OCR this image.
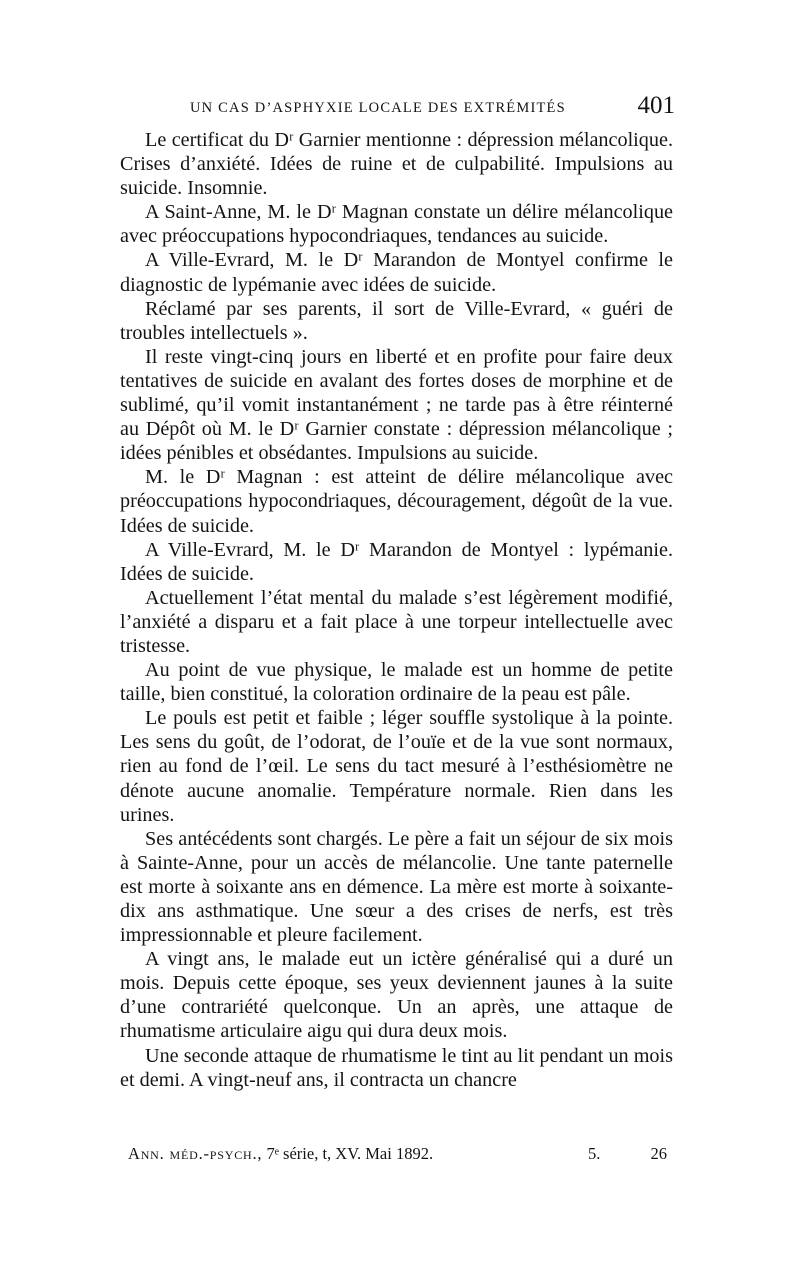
UN CAS D’ASPHYXIE LOCALE DES EXTRÉMITÉS	401

Le certificat du Dʳ Garnier mentionne : dépression mélancolique. Crises d’anxiété. Idées de ruine et de culpabilité. Impulsions au suicide. Insomnie.

A Saint-Anne, M. le Dʳ Magnan constate un délire mélancolique avec préoccupations hypocondriaques, tendances au suicide.

A Ville-Evrard, M. le Dʳ Marandon de Montyel confirme le diagnostic de lypémanie avec idées de suicide.

Réclamé par ses parents, il sort de Ville-Evrard, « guéri de troubles intellectuels ».

Il reste vingt-cinq jours en liberté et en profite pour faire deux tentatives de suicide en avalant des fortes doses de morphine et de sublimé, qu’il vomit instantanément ; ne tarde pas à être réinterné au Dépôt où M. le Dʳ Garnier constate : dépression mélancolique ; idées pénibles et obsédantes. Impulsions au suicide.

M. le Dʳ Magnan : est atteint de délire mélancolique avec préoccupations hypocondriaques, découragement, dégoût de la vue. Idées de suicide.

A Ville-Evrard, M. le Dʳ Marandon de Montyel : lypémanie. Idées de suicide.

Actuellement l’état mental du malade s’est légèrement modifié, l’anxiété a disparu et a fait place à une torpeur intellectuelle avec tristesse.

Au point de vue physique, le malade est un homme de petite taille, bien constitué, la coloration ordinaire de la peau est pâle.

Le pouls est petit et faible ; léger souffle systolique à la pointe. Les sens du goût, de l’odorat, de l’ouïe et de la vue sont normaux, rien au fond de l’œil. Le sens du tact mesuré à l’esthésiomètre ne dénote aucune anomalie. Température normale. Rien dans les urines.

Ses antécédents sont chargés. Le père a fait un séjour de six mois à Sainte-Anne, pour un accès de mélancolie. Une tante paternelle est morte à soixante ans en démence. La mère est morte à soixante-dix ans asthmatique. Une sœur a des crises de nerfs, est très impressionnable et pleure facilement.

A vingt ans, le malade eut un ictère généralisé qui a duré un mois. Depuis cette époque, ses yeux deviennent jaunes à la suite d’une contrariété quelconque. Un an après, une attaque de rhumatisme articulaire aigu qui dura deux mois.

Une seconde attaque de rhumatisme le tint au lit pendant un mois et demi. A vingt-neuf ans, il contracta un chancre

Ann. méd.-psych., 7ᵉ série, t, XV. Mai 1892.	5.	26
